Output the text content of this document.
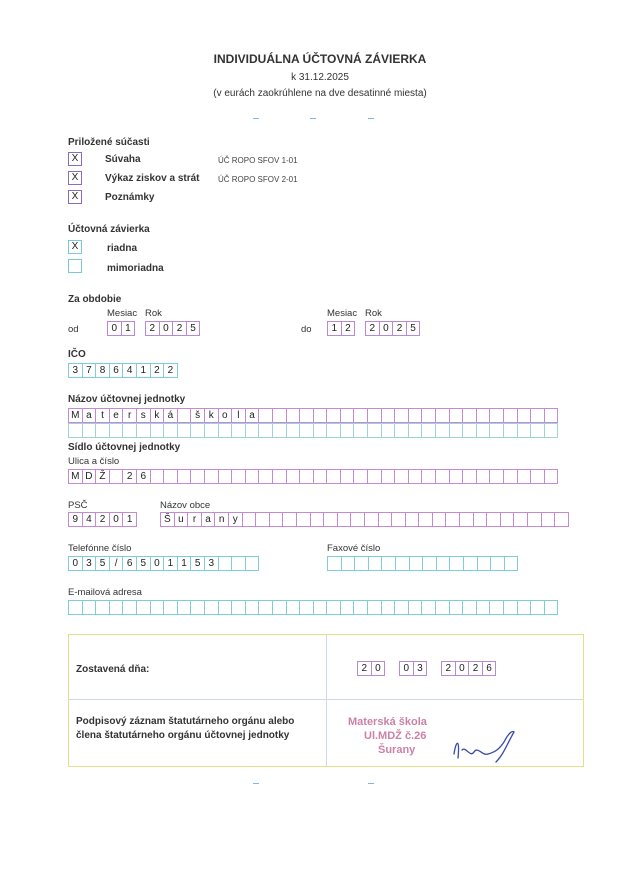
INDIVIDUÁLNA ÚČTOVNÁ ZÁVIERKA
k 31.12.2025
(v eurách zaokrúhlene na dve desatinné miesta)
Priložené súčasti
X	Súvaha	ÚČ ROPO SFOV 1-01
X	Výkaz ziskov a strát ÚČ ROPO SFOV 2-01
X	Poznámky
Účtovná závierka
X	riadna
mimoriadna
Za obdobie
Mesiac Rok
od	0 1	2 0 2 5
Mesiac Rok
do	1 2	2 0 2 5
IČO
3 7 8 6 4 1 2 2
Názov účtovnej jednotky
M a t e r s k á	š k o l a
Sídlo účtovnej jednotky
Ulica a číslo
M D Ž	2 6
PSČ
9 4 2 0 1
Názov obce
Š u r a n y
Telefónne číslo
0 3 5 / 6 5 0 1 1 5 3
Faxové číslo
E-mailová adresa
Zostavená dňa:	2 0	0 3	2 0 2 6
Podpisový záznam štatutárneho orgánu alebo
člena štatutárneho orgánu účtovnej jednotky
Materská škola
Ul.MDŽ č.26
Šurany
